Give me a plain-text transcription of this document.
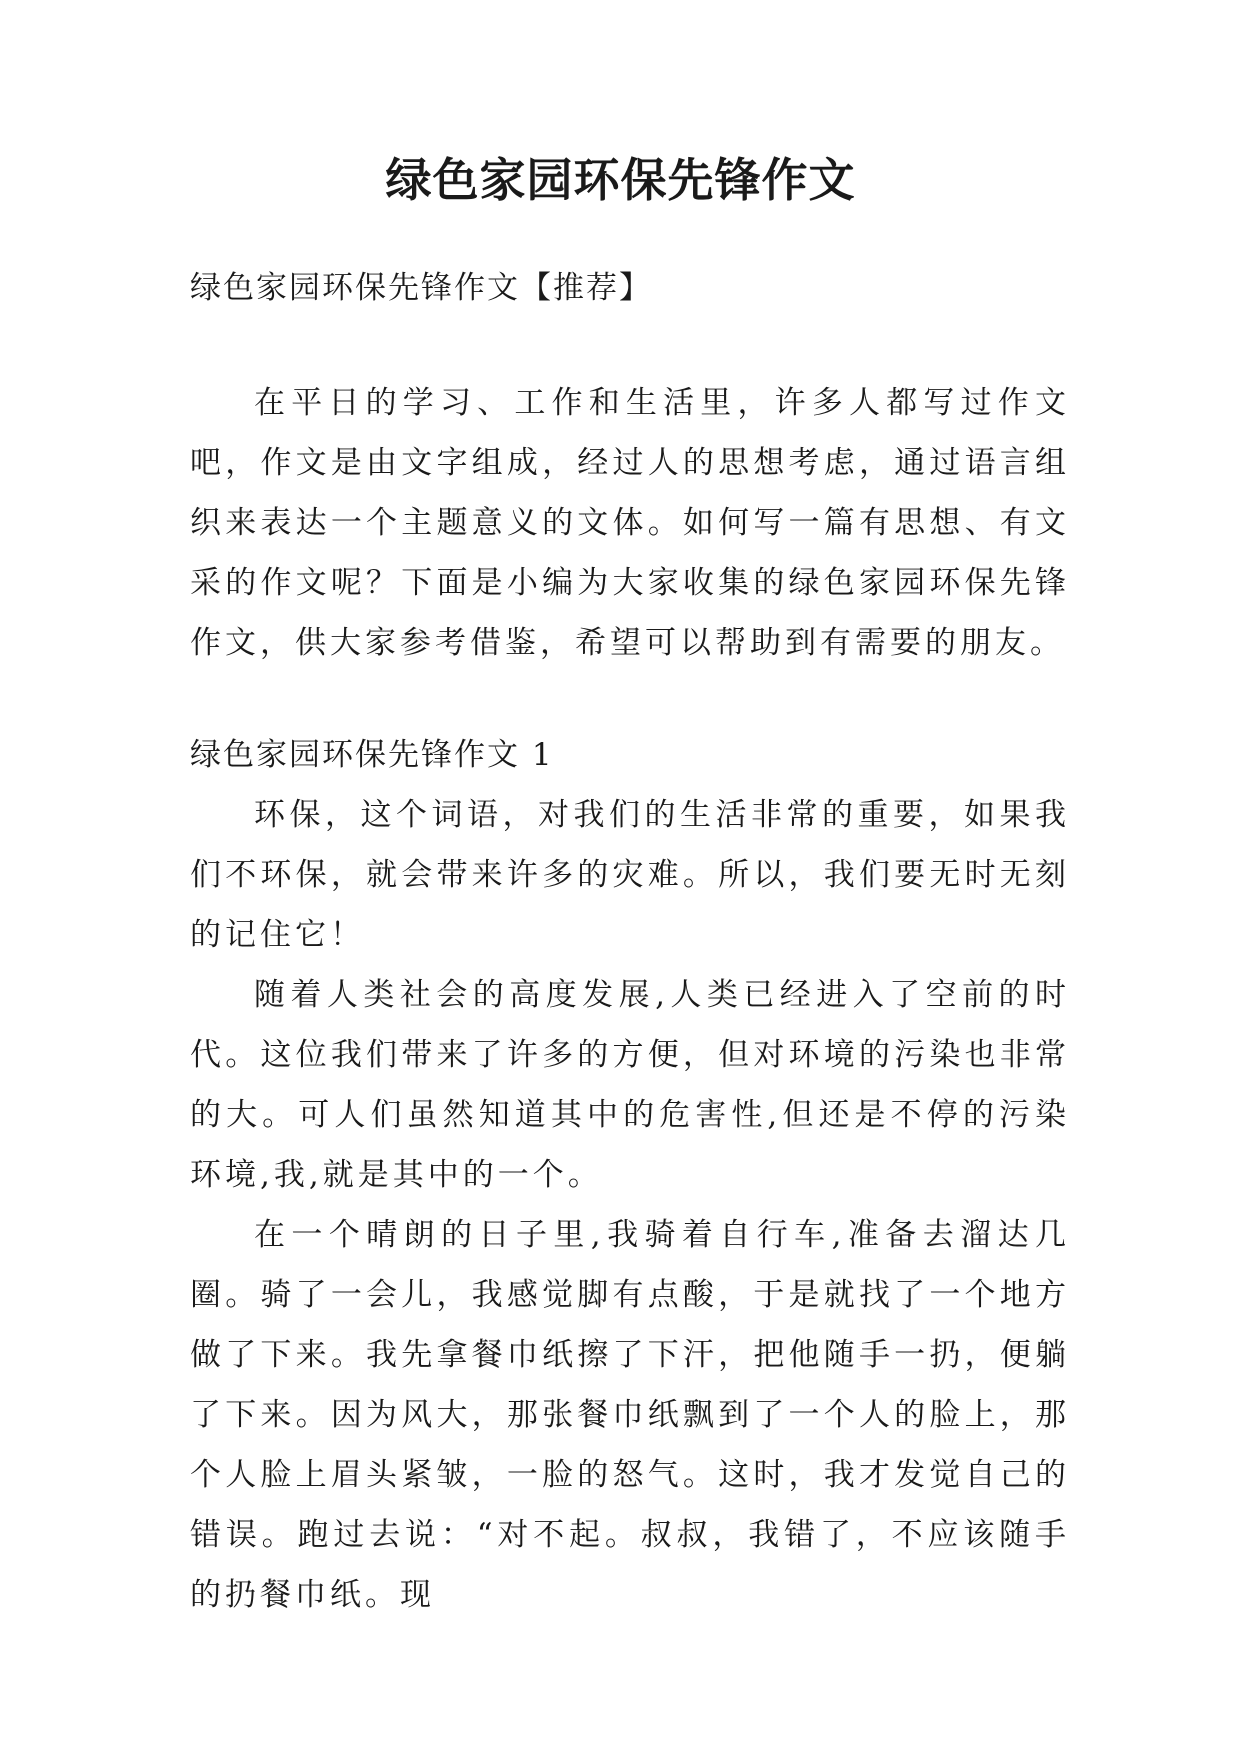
绿色家园环保先锋作文

绿色家园环保先锋作文【推荐】

在平日的学习、工作和生活里，许多人都写过作文吧，作文是由文字组成，经过人的思想考虑，通过语言组织来表达一个主题意义的文体。如何写一篇有思想、有文采的作文呢？下面是小编为大家收集的绿色家园环保先锋作文，供大家参考借鉴，希望可以帮助到有需要的朋友。

绿色家园环保先锋作文 1

环保，这个词语，对我们的生活非常的重要，如果我们不环保，就会带来许多的灾难。所以，我们要无时无刻的记住它！

随着人类社会的高度发展,人类已经进入了空前的时代。这位我们带来了许多的方便，但对环境的污染也非常的大。可人们虽然知道其中的危害性,但还是不停的污染环境,我,就是其中的一个。

在一个晴朗的日子里,我骑着自行车,准备去溜达几圈。骑了一会儿，我感觉脚有点酸，于是就找了一个地方做了下来。我先拿餐巾纸擦了下汗，把他随手一扔，便躺了下来。因为风大，那张餐巾纸飘到了一个人的脸上，那个人脸上眉头紧皱，一脸的怒气。这时，我才发觉自己的错误。跑过去说：“对不起。叔叔，我错了，不应该随手的扔餐巾纸。现
